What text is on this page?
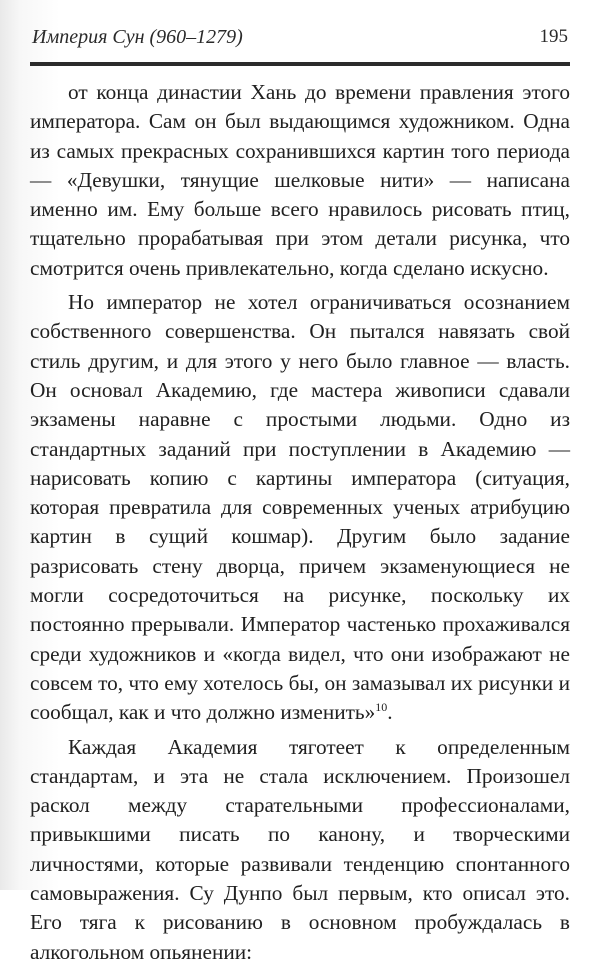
Империя Сун (960–1279)	195

от конца династии Хань до времени правления этого императора. Сам он был выдающимся художником. Одна из самых прекрасных сохранившихся картин того периода — «Девушки, тянущие шелковые нити» — написана именно им. Ему больше всего нравилось рисовать птиц, тщательно прорабатывая при этом детали рисунка, что смотрится очень привлекательно, когда сделано искусно.

Но император не хотел ограничиваться осознанием собственного совершенства. Он пытался навязать свой стиль другим, и для этого у него было главное — власть. Он основал Академию, где мастера живописи сдавали экзамены наравне с простыми людьми. Одно из стандартных заданий при поступлении в Академию — нарисовать копию с картины императора (ситуация, которая превратила для современных ученых атрибуцию картин в сущий кошмар). Другим было задание разрисовать стену дворца, причем экзаменующиеся не могли сосредоточиться на рисунке, поскольку их постоянно прерывали. Император частенько прохаживался среди художников и «когда видел, что они изображают не совсем то, что ему хотелось бы, он замазывал их рисунки и сообщал, как и что должно изменить»$^{10}$.

Каждая Академия тяготеет к определенным стандартам, и эта не стала исключением. Произошел раскол между старательными профессионалами, привыкшими писать по канону, и творческими личностями, которые развивали тенденцию спонтанного самовыражения. Су Дунпо был первым, кто описал это. Его тяга к рисованию в основном пробуждалась в алкогольном опьянении:
